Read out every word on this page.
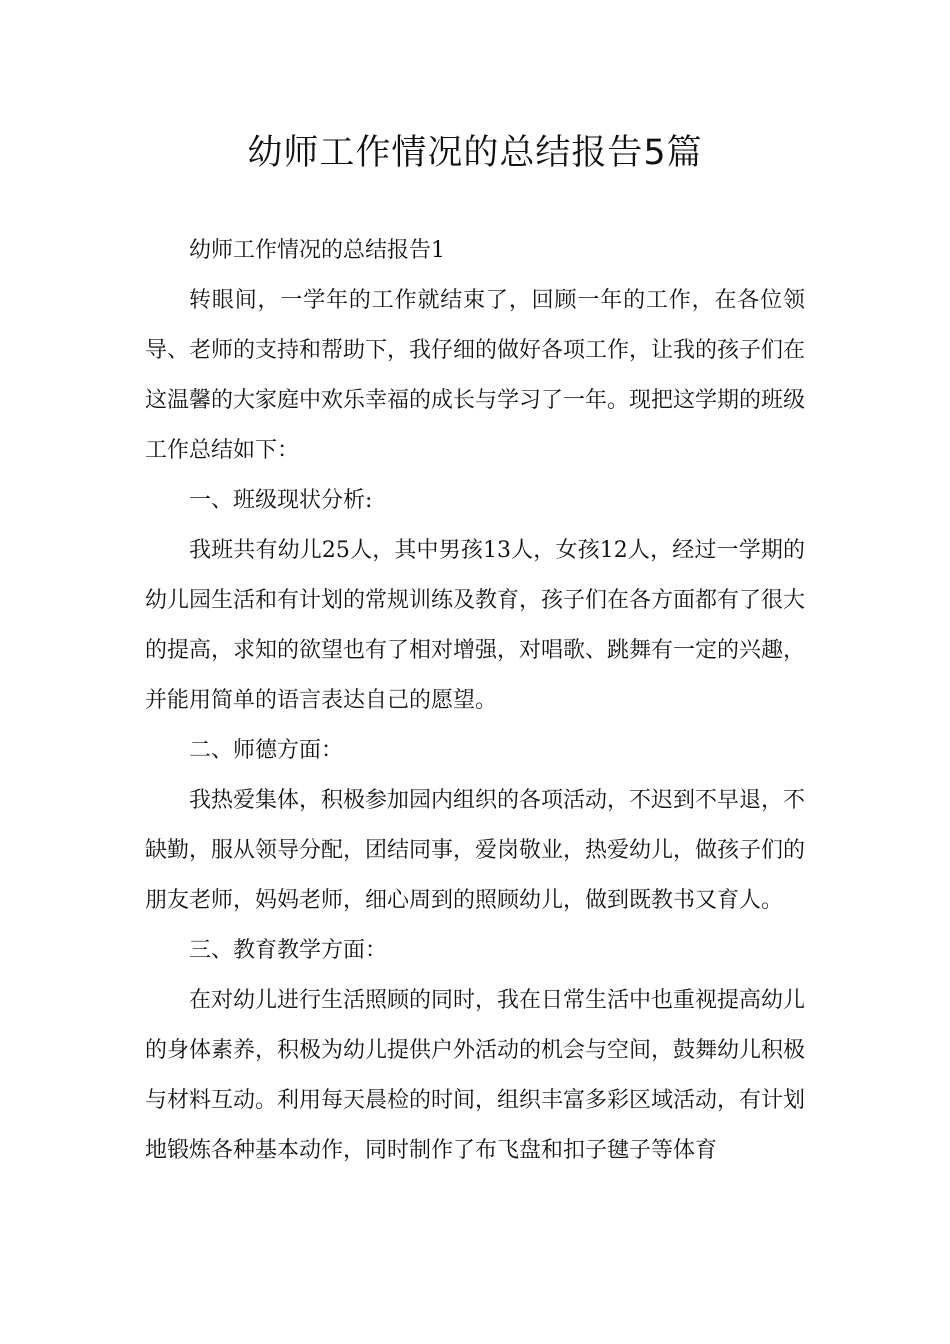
幼师工作情况的总结报告5篇

幼师工作情况的总结报告1

转眼间，一学年的工作就结束了，回顾一年的工作，在各位领导、老师的支持和帮助下，我仔细的做好各项工作，让我的孩子们在这温馨的大家庭中欢乐幸福的成长与学习了一年。现把这学期的班级工作总结如下：

一、班级现状分析:

我班共有幼儿25人，其中男孩13人，女孩12人，经过一学期的幼儿园生活和有计划的常规训练及教育，孩子们在各方面都有了很大的提高，求知的欲望也有了相对增强，对唱歌、跳舞有一定的兴趣，并能用简单的语言表达自己的愿望。

二、师德方面：

我热爱集体，积极参加园内组织的各项活动，不迟到不早退，不缺勤，服从领导分配，团结同事，爱岗敬业，热爱幼儿，做孩子们的朋友老师，妈妈老师，细心周到的照顾幼儿，做到既教书又育人。

三、教育教学方面：

在对幼儿进行生活照顾的同时，我在日常生活中也重视提高幼儿的身体素养，积极为幼儿提供户外活动的机会与空间，鼓舞幼儿积极与材料互动。利用每天晨检的时间，组织丰富多彩区域活动，有计划地锻炼各种基本动作，同时制作了布飞盘和扣子毽子等体育
